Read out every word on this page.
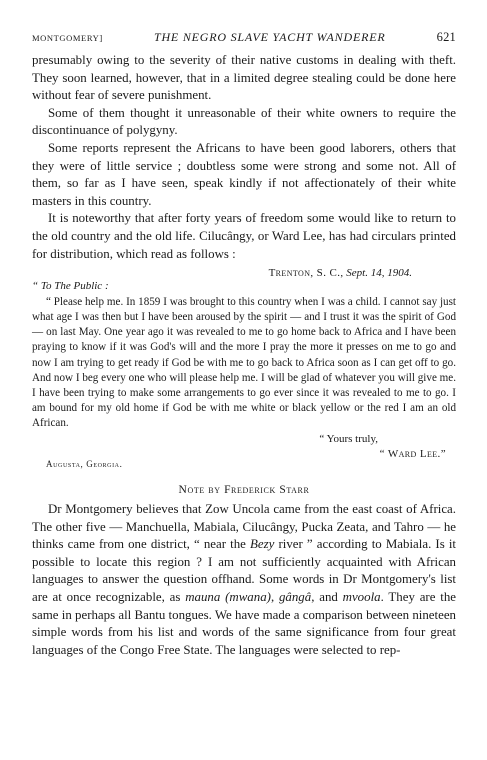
MONTGOMERY]	THE NEGRO SLAVE YACHT WANDERER	621

presumably owing to the severity of their native customs in dealing with theft. They soon learned, however, that in a limited degree stealing could be done here without fear of severe punishment.

Some of them thought it unreasonable of their white owners to require the discontinuance of polygyny.

Some reports represent the Africans to have been good laborers, others that they were of little service ; doubtless some were strong and some not. All of them, so far as I have seen, speak kindly if not affectionately of their white masters in this country.

It is noteworthy that after forty years of freedom some would like to return to the old country and the old life. Cilucângy, or Ward Lee, has had circulars printed for distribution, which read as follows :

Trenton, S. C., Sept. 14, 1904.

“ To The Public :

“ Please help me. In 1859 I was brought to this country when I was a child. I cannot say just what age I was then but I have been aroused by the spirit — and I trust it was the spirit of God — on last May. One year ago it was revealed to me to go home back to Africa and I have been praying to know if it was God's will and the more I pray the more it presses on me to go and now I am trying to get ready if God be with me to go back to Africa soon as I can get off to go. And now I beg every one who will please help me. I will be glad of whatever you will give me. I have been trying to make some arrangements to go ever since it was revealed to me to go. I am bound for my old home if God be with me white or black yellow or the red I am an old African.

“ Yours truly,

“ Ward Lee.”

Augusta, Georgia.

Note by Frederick Starr

Dr Montgomery believes that Zow Uncola came from the east coast of Africa. The other five — Manchuella, Mabiala, Cilucângy, Pucka Zeata, and Tahro — he thinks came from one district, “ near the Bezy river ” according to Mabiala. Is it possible to locate this region ? I am not sufficiently acquainted with African languages to answer the question offhand. Some words in Dr Montgomery's list are at once recognizable, as mauna (mwana), gângâ, and mvoola. They are the same in perhaps all Bantu tongues. We have made a comparison between nineteen simple words from his list and words of the same significance from four great languages of the Congo Free State. The languages were selected to rep-
